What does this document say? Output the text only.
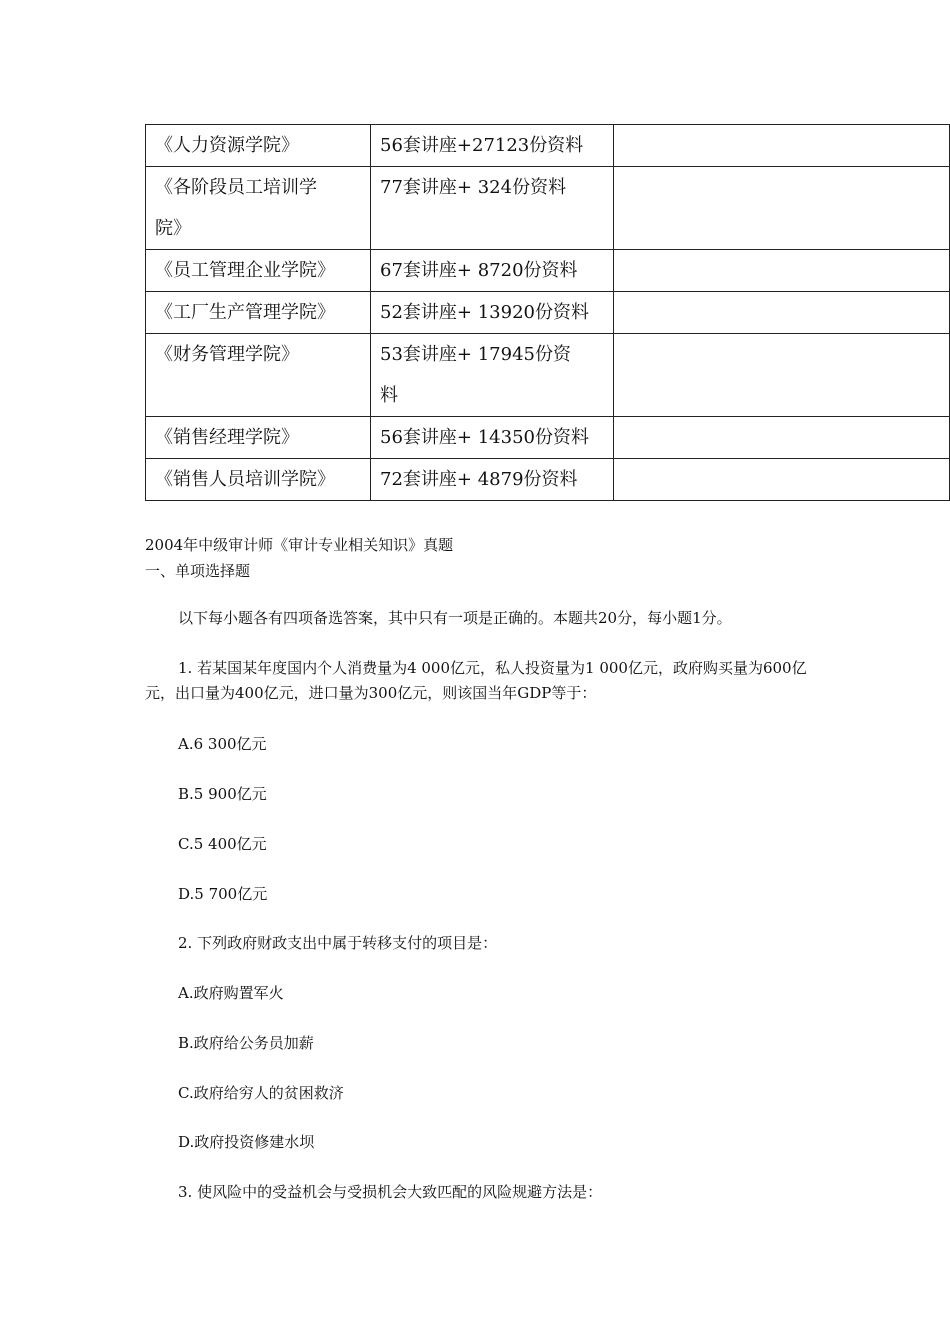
《人力资源学院》	56套讲座+27123份资料	
《各阶段员工培训学院》	77套讲座+ 324份资料	
《员工管理企业学院》	67套讲座+ 8720份资料	
《工厂生产管理学院》	52套讲座+ 13920份资料	
《财务管理学院》	53套讲座+ 17945份资料	
《销售经理学院》	56套讲座+ 14350份资料	
《销售人员培训学院》	72套讲座+ 4879份资料	
2004年中级审计师《审计专业相关知识》真题
一、单项选择题
以下每小题各有四项备选答案，其中只有一项是正确的。本题共20分，每小题1分。
1. 若某国某年度国内个人消费量为4 000亿元，私人投资量为1 000亿元，政府购买量为600亿元，出口量为400亿元，进口量为300亿元，则该国当年GDP等于：
A.6 300亿元
B.5 900亿元
C.5 400亿元
D.5 700亿元
2. 下列政府财政支出中属于转移支付的项目是：
A.政府购置军火
B.政府给公务员加薪
C.政府给穷人的贫困救济
D.政府投资修建水坝
3. 使风险中的受益机会与受损机会大致匹配的风险规避方法是：
